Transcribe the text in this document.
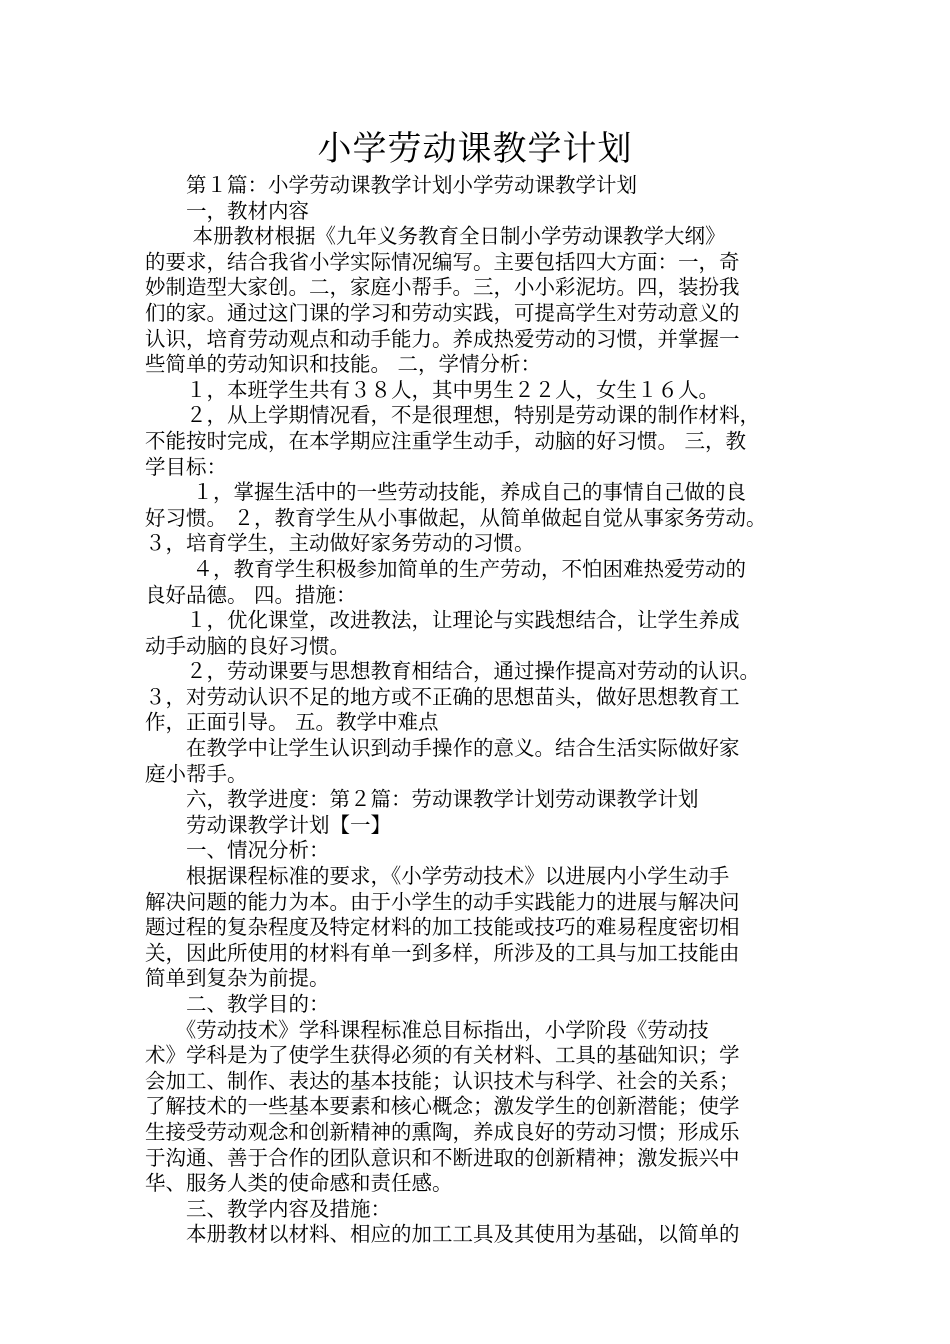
小学劳动课教学计划
　　第１篇：小学劳动课教学计划小学劳动课教学计划
　　一，教材内容
　　 本册教材根据《九年义务教育全日制小学劳动课教学大纲》
的要求，结合我省小学实际情况编写。主要包括四大方面：一，奇
妙制造型大家创。二，家庭小帮手。三，小小彩泥坊。四，装扮我
们的家。通过这门课的学习和劳动实践，可提高学生对劳动意义的
认识，培育劳动观点和动手能力。养成热爱劳动的习惯，并掌握一
些简单的劳动知识和技能。 二，学情分析：
　　１，本班学生共有３８人，其中男生２２人，女生１６人。
　　２，从上学期情况看，不是很理想，特别是劳动课的制作材料，
不能按时完成，在本学期应注重学生动手，动脑的好习惯。 三，教
学目标：
　　 １，掌握生活中的一些劳动技能，养成自己的事情自己做的良
好习惯。 ２，教育学生从小事做起，从简单做起自觉从事家务劳动。
３，培育学生，主动做好家务劳动的习惯。
　　 ４，教育学生积极参加简单的生产劳动，不怕困难热爱劳动的
良好品德。 四。措施：
　　１，优化课堂，改进教法，让理论与实践想结合，让学生养成
动手动脑的良好习惯。
　　２，劳动课要与思想教育相结合，通过操作提高对劳动的认识。
３，对劳动认识不足的地方或不正确的思想苗头，做好思想教育工
作，正面引导。 五。教学中难点
　　在教学中让学生认识到动手操作的意义。结合生活实际做好家
庭小帮手。
　　六，教学进度：第２篇：劳动课教学计划劳动课教学计划
　　劳动课教学计划【一】
　　一、情况分析：
　　根据课程标准的要求，《小学劳动技术》以进展内小学生动手
解决问题的能力为本。由于小学生的动手实践能力的进展与解决问
题过程的复杂程度及特定材料的加工技能或技巧的难易程度密切相
关，因此所使用的材料有单一到多样，所涉及的工具与加工技能由
简单到复杂为前提。
　　二、教学目的：
　　《劳动技术》学科课程标准总目标指出，小学阶段《劳动技
术》学科是为了使学生获得必须的有关材料、工具的基础知识；学
会加工、制作、表达的基本技能；认识技术与科学、社会的关系；
了解技术的一些基本要素和核心概念；激发学生的创新潜能；使学
生接受劳动观念和创新精神的熏陶，养成良好的劳动习惯；形成乐
于沟通、善于合作的团队意识和不断进取的创新精神；激发振兴中
华、服务人类的使命感和责任感。
　　三、教学内容及措施：
　　本册教材以材料、相应的加工工具及其使用为基础，以简单的
